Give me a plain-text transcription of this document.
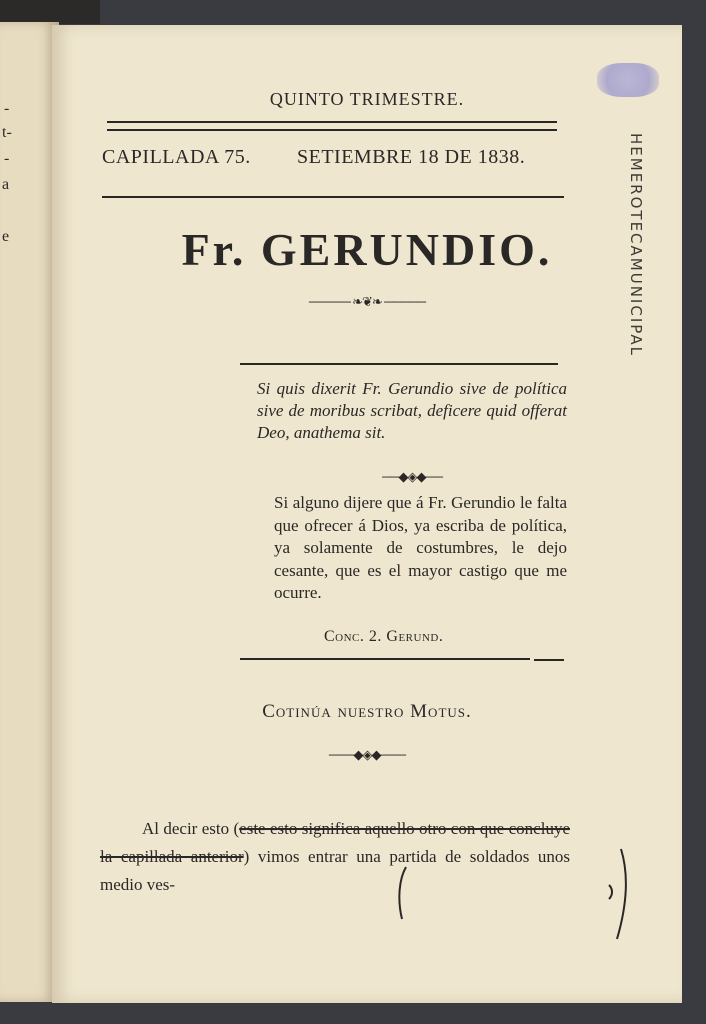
-
t-
-
a
e
QUINTO TRIMESTRE.
CAPILLADA 75. SETIEMBRE 18 DE 1838.
Fr. GERUNDIO.
───── ❧❦❧ ─────
Si quis dixerit Fr. Gerundio sive de política sive de moribus scribat, deficere quid offerat Deo, anathema sit.
──◆◈◆──
Si alguno dijere que á Fr. Gerundio le falta que ofrecer á Dios, ya escriba de política, ya solamente de costumbres, le dejo cesante, que es el mayor castigo que me ocurre.
Conc. 2. Gerund.
Cotinúa nuestro Motus.
───◆◈◆───
Al decir esto (este esto significa aquello otro con que concluye la capillada anterior) vimos entrar una partida de soldados unos medio ves-
HEMEROTECAMUNICIPAL
